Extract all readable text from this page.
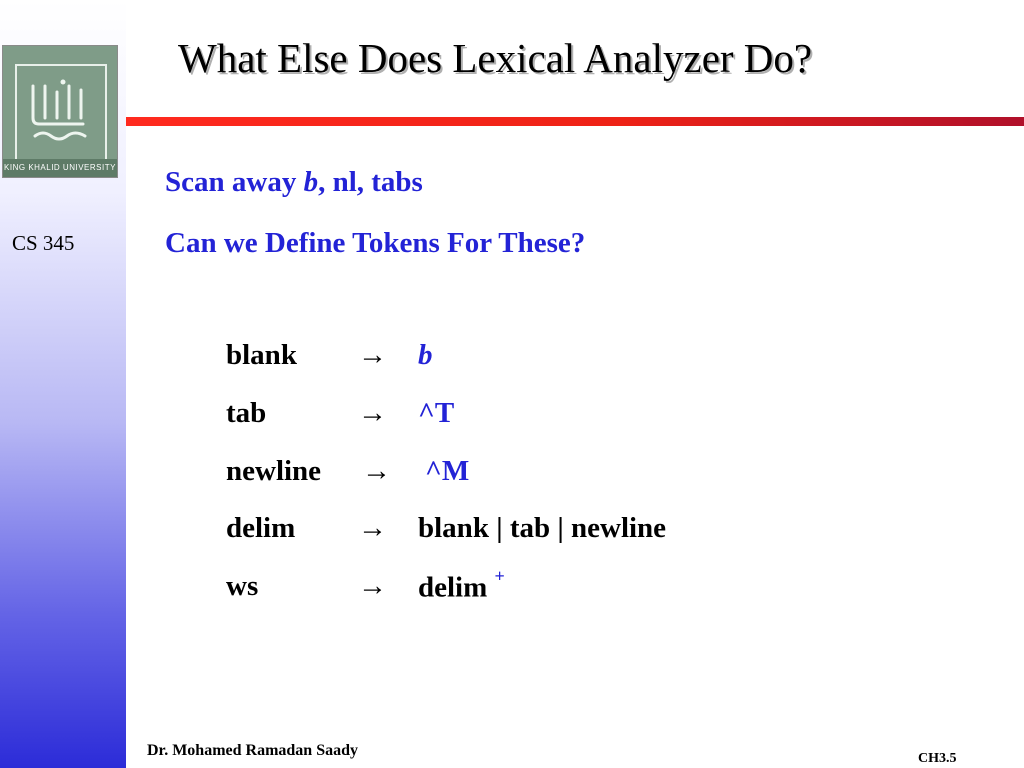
KING KHALID UNIVERSITY
CS 345
What Else Does Lexical Analyzer Do?
Scan away b, nl, tabs
Can we Define Tokens For These?
blank → b
tab	→ ^T
newline → ^M
delim → blank | tab | newline
ws	→ delim +
Dr. Mohamed Ramadan Saady	CH3.5
